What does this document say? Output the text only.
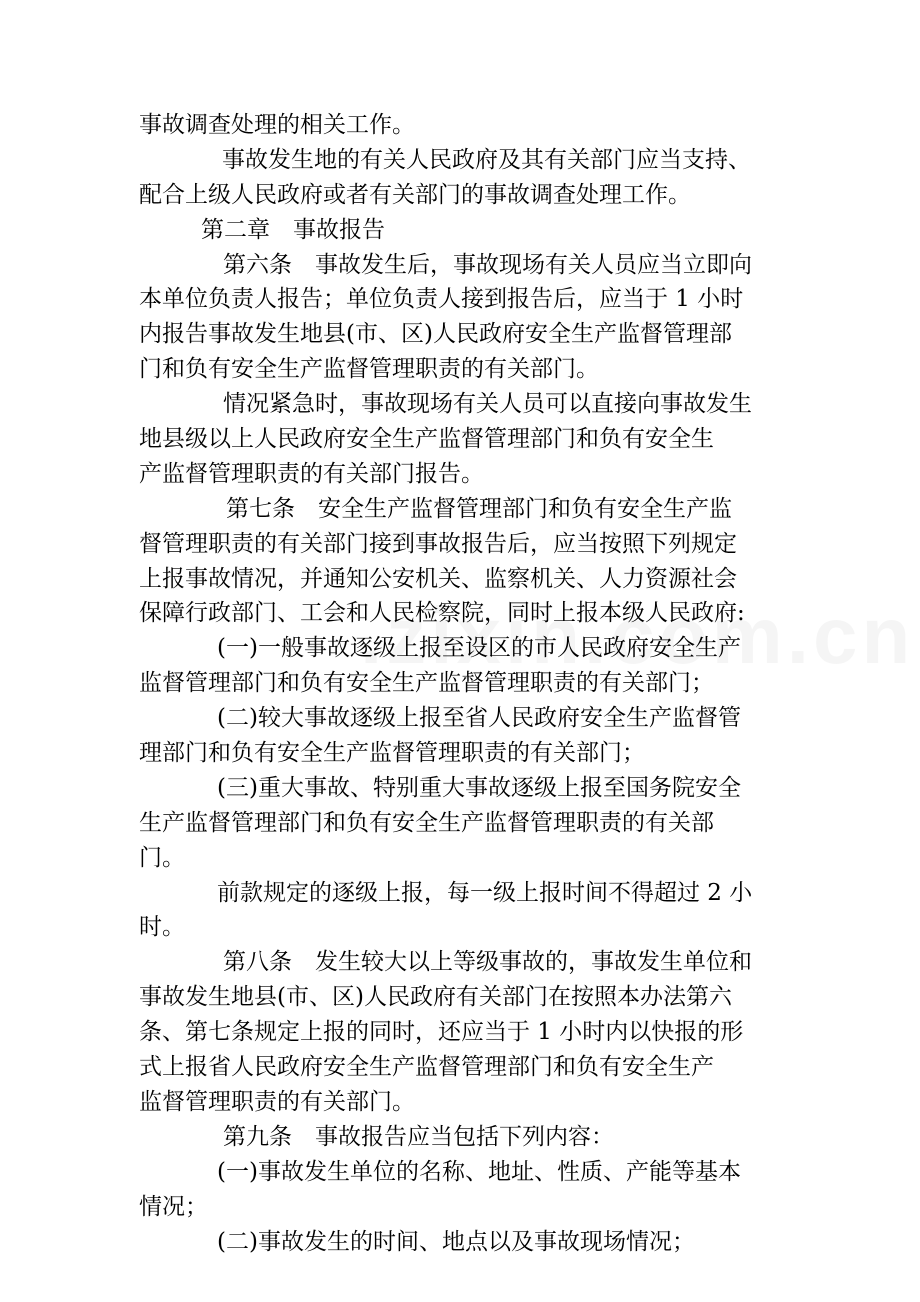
事故调查处理的相关工作。
事故发生地的有关人民政府及其有关部门应当支持、
配合上级人民政府或者有关部门的事故调查处理工作。
第二章　事故报告
第六条　事故发生后，事故现场有关人员应当立即向
本单位负责人报告；单位负责人接到报告后，应当于 1 小时
内报告事故发生地县(市、区)人民政府安全生产监督管理部
门和负有安全生产监督管理职责的有关部门。
情况紧急时，事故现场有关人员可以直接向事故发生
地县级以上人民政府安全生产监督管理部门和负有安全生
产监督管理职责的有关部门报告。
第七条　安全生产监督管理部门和负有安全生产监
督管理职责的有关部门接到事故报告后，应当按照下列规定
上报事故情况，并通知公安机关、监察机关、人力资源社会
保障行政部门、工会和人民检察院，同时上报本级人民政府:
(一)一般事故逐级上报至设区的市人民政府安全生产
监督管理部门和负有安全生产监督管理职责的有关部门；
(二)较大事故逐级上报至省人民政府安全生产监督管
理部门和负有安全生产监督管理职责的有关部门；
(三)重大事故、特别重大事故逐级上报至国务院安全
生产监督管理部门和负有安全生产监督管理职责的有关部
门。
前款规定的逐级上报，每一级上报时间不得超过 2 小
时。
第八条　发生较大以上等级事故的，事故发生单位和
事故发生地县(市、区)人民政府有关部门在按照本办法第六
条、第七条规定上报的同时，还应当于 1 小时内以快报的形
式上报省人民政府安全生产监督管理部门和负有安全生产
监督管理职责的有关部门。
第九条　事故报告应当包括下列内容：
(一)事故发生单位的名称、地址、性质、产能等基本
情况；
(二)事故发生的时间、地点以及事故现场情况；
